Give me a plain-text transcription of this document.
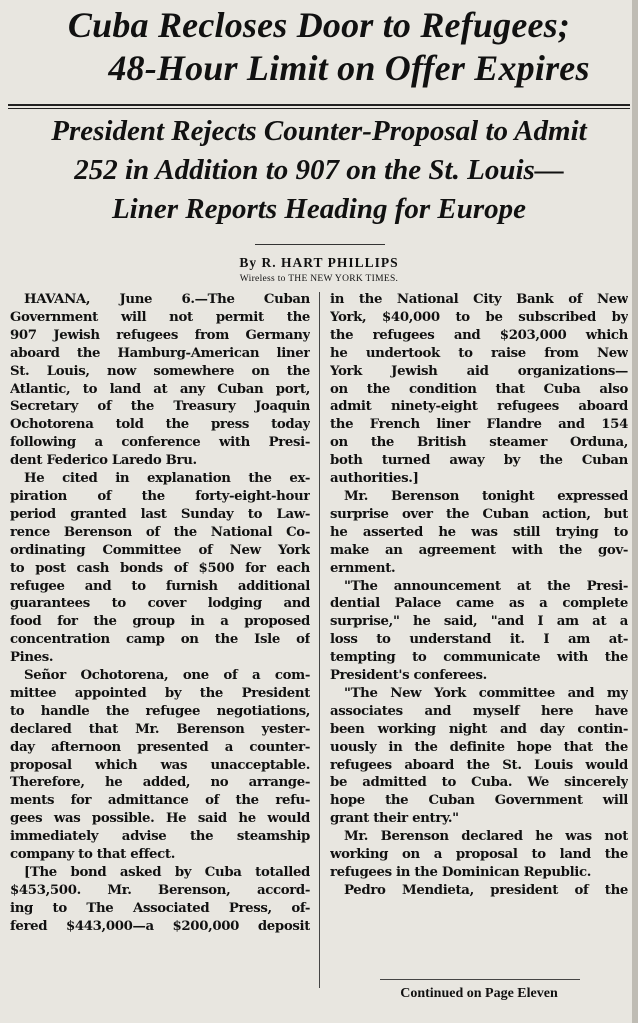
Cuba Recloses Door to Refugees;
48-Hour Limit on Offer Expires
President Rejects Counter-Proposal to Admit
252 in Addition to 907 on the St. Louis—
Liner Reports Heading for Europe
By R. HART PHILLIPS
Wireless to THE NEW YORK TIMES.
HAVANA, June 6.—The Cuban
Government will not permit the
907 Jewish refugees from Germany
aboard the Hamburg-American liner
St. Louis, now somewhere on the
Atlantic, to land at any Cuban port,
Secretary of the Treasury Joaquin
Ochotorena told the press today
following a conference with Presi-
dent Federico Laredo Bru.
He cited in explanation the ex-
piration of the forty-eight-hour
period granted last Sunday to Law-
rence Berenson of the National Co-
ordinating Committee of New York
to post cash bonds of $500 for each
refugee and to furnish additional
guarantees to cover lodging and
food for the group in a proposed
concentration camp on the Isle of
Pines.
Señor Ochotorena, one of a com-
mittee appointed by the President
to handle the refugee negotiations,
declared that Mr. Berenson yester-
day afternoon presented a counter-
proposal which was unacceptable.
Therefore, he added, no arrange-
ments for admittance of the refu-
gees was possible. He said he would
immediately advise the steamship
company to that effect.
[The bond asked by Cuba totalled
$453,500. Mr. Berenson, accord-
ing to The Associated Press, of-
fered $443,000—a $200,000 deposit
in the National City Bank of New
York, $40,000 to be subscribed by
the refugees and $203,000 which
he undertook to raise from New
York Jewish aid organizations—
on the condition that Cuba also
admit ninety-eight refugees aboard
the French liner Flandre and 154
on the British steamer Orduna,
both turned away by the Cuban
authorities.]
Mr. Berenson tonight expressed
surprise over the Cuban action, but
he asserted he was still trying to
make an agreement with the gov-
ernment.
"The announcement at the Presi-
dential Palace came as a complete
surprise," he said, "and I am at a
loss to understand it. I am at-
tempting to communicate with the
President's conferees.
"The New York committee and my
associates and myself here have
been working night and day contin-
uously in the definite hope that the
refugees aboard the St. Louis would
be admitted to Cuba. We sincerely
hope the Cuban Government will
grant their entry."
Mr. Berenson declared he was not
working on a proposal to land the
refugees in the Dominican Republic.
Pedro Mendieta, president of the
Continued on Page Eleven
